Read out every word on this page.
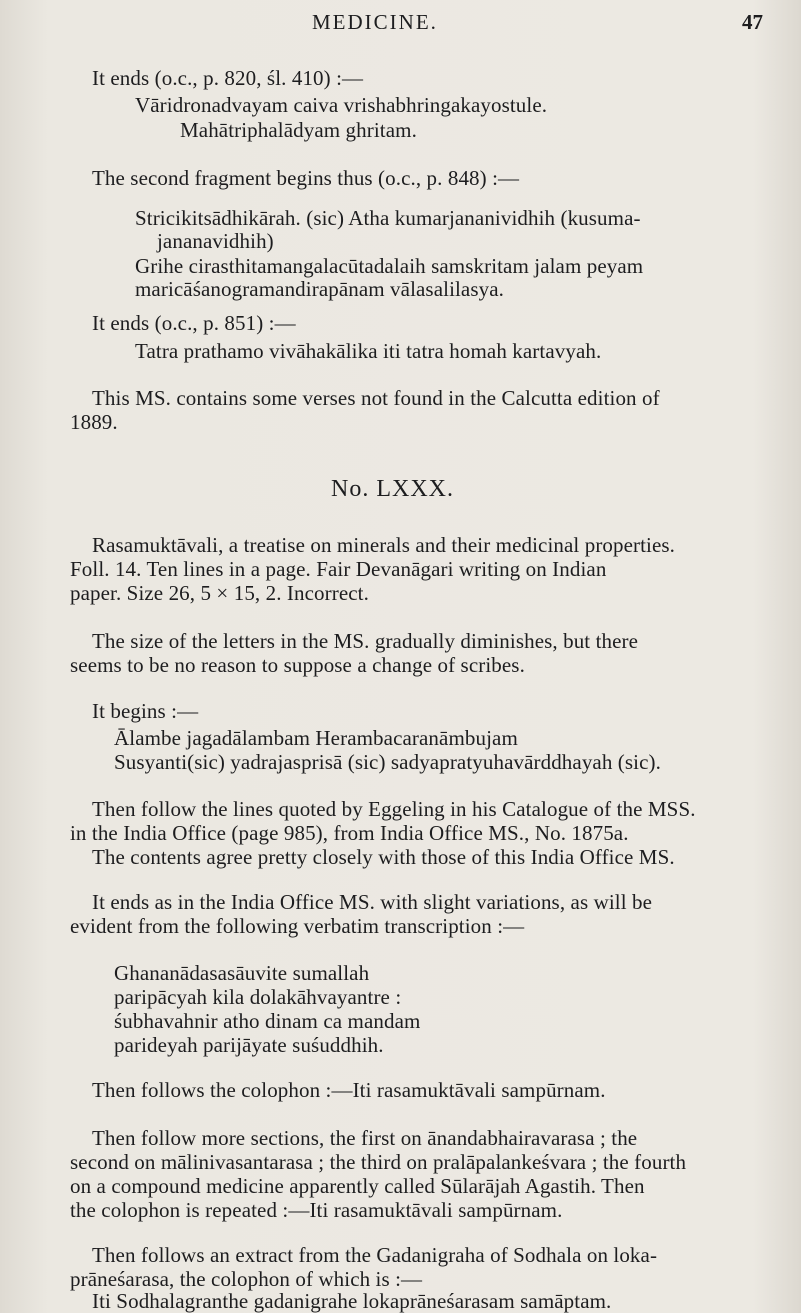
MEDICINE.	47
It ends (o.c., p. 820, śl. 410) :—
Vāridronadvayam caiva vrishabhringakayostule.
Mahātriphalādyam ghritam.
The second fragment begins thus (o.c., p. 848) :—
Stricikitsādhikārah. (sic) Atha kumarjananividhih (kusuma-
jananavidhih)
Grihe cirasthitamangalacūtadalaih samskritam jalam peyam
maricāśanogramandirapānam vālasalilasya.
It ends (o.c., p. 851) :—
Tatra prathamo vivāhakālika iti tatra homah kartavyah.
This MS. contains some verses not found in the Calcutta edition of
1889.
No. LXXX.
Rasamuktāvali, a treatise on minerals and their medicinal properties.
Foll. 14. Ten lines in a page. Fair Devanāgari writing on Indian
paper. Size 26, 5 × 15, 2. Incorrect.
The size of the letters in the MS. gradually diminishes, but there
seems to be no reason to suppose a change of scribes.
It begins :—
Ālambe jagadālambam Herambacaranāmbujam
Susyanti(sic) yadrajasprisā (sic) sadyapratyuhavārddhayah (sic).
Then follow the lines quoted by Eggeling in his Catalogue of the MSS.
in the India Office (page 985), from India Office MS., No. 1875a.
The contents agree pretty closely with those of this India Office MS.
It ends as in the India Office MS. with slight variations, as will be
evident from the following verbatim transcription :—
Ghananādasasāuvite sumallah
paripācyah kila dolakāhvayantre :
śubhavahnir atho dinam ca mandam
parideyah parijāyate suśuddhih.
Then follows the colophon :—Iti rasamuktāvali sampūrnam.
Then follow more sections, the first on ānandabhairavarasa ; the
second on mālinivasantarasa ; the third on pralāpalankeśvara ; the fourth
on a compound medicine apparently called Sūlarājah Agastih. Then
the colophon is repeated :—Iti rasamuktāvali sampūrnam.
Then follows an extract from the Gadanigraha of Sodhala on loka-
prāneśarasa, the colophon of which is :—
Iti Sodhalagranthe gadanigrahe lokaprāneśarasam samāptam.
